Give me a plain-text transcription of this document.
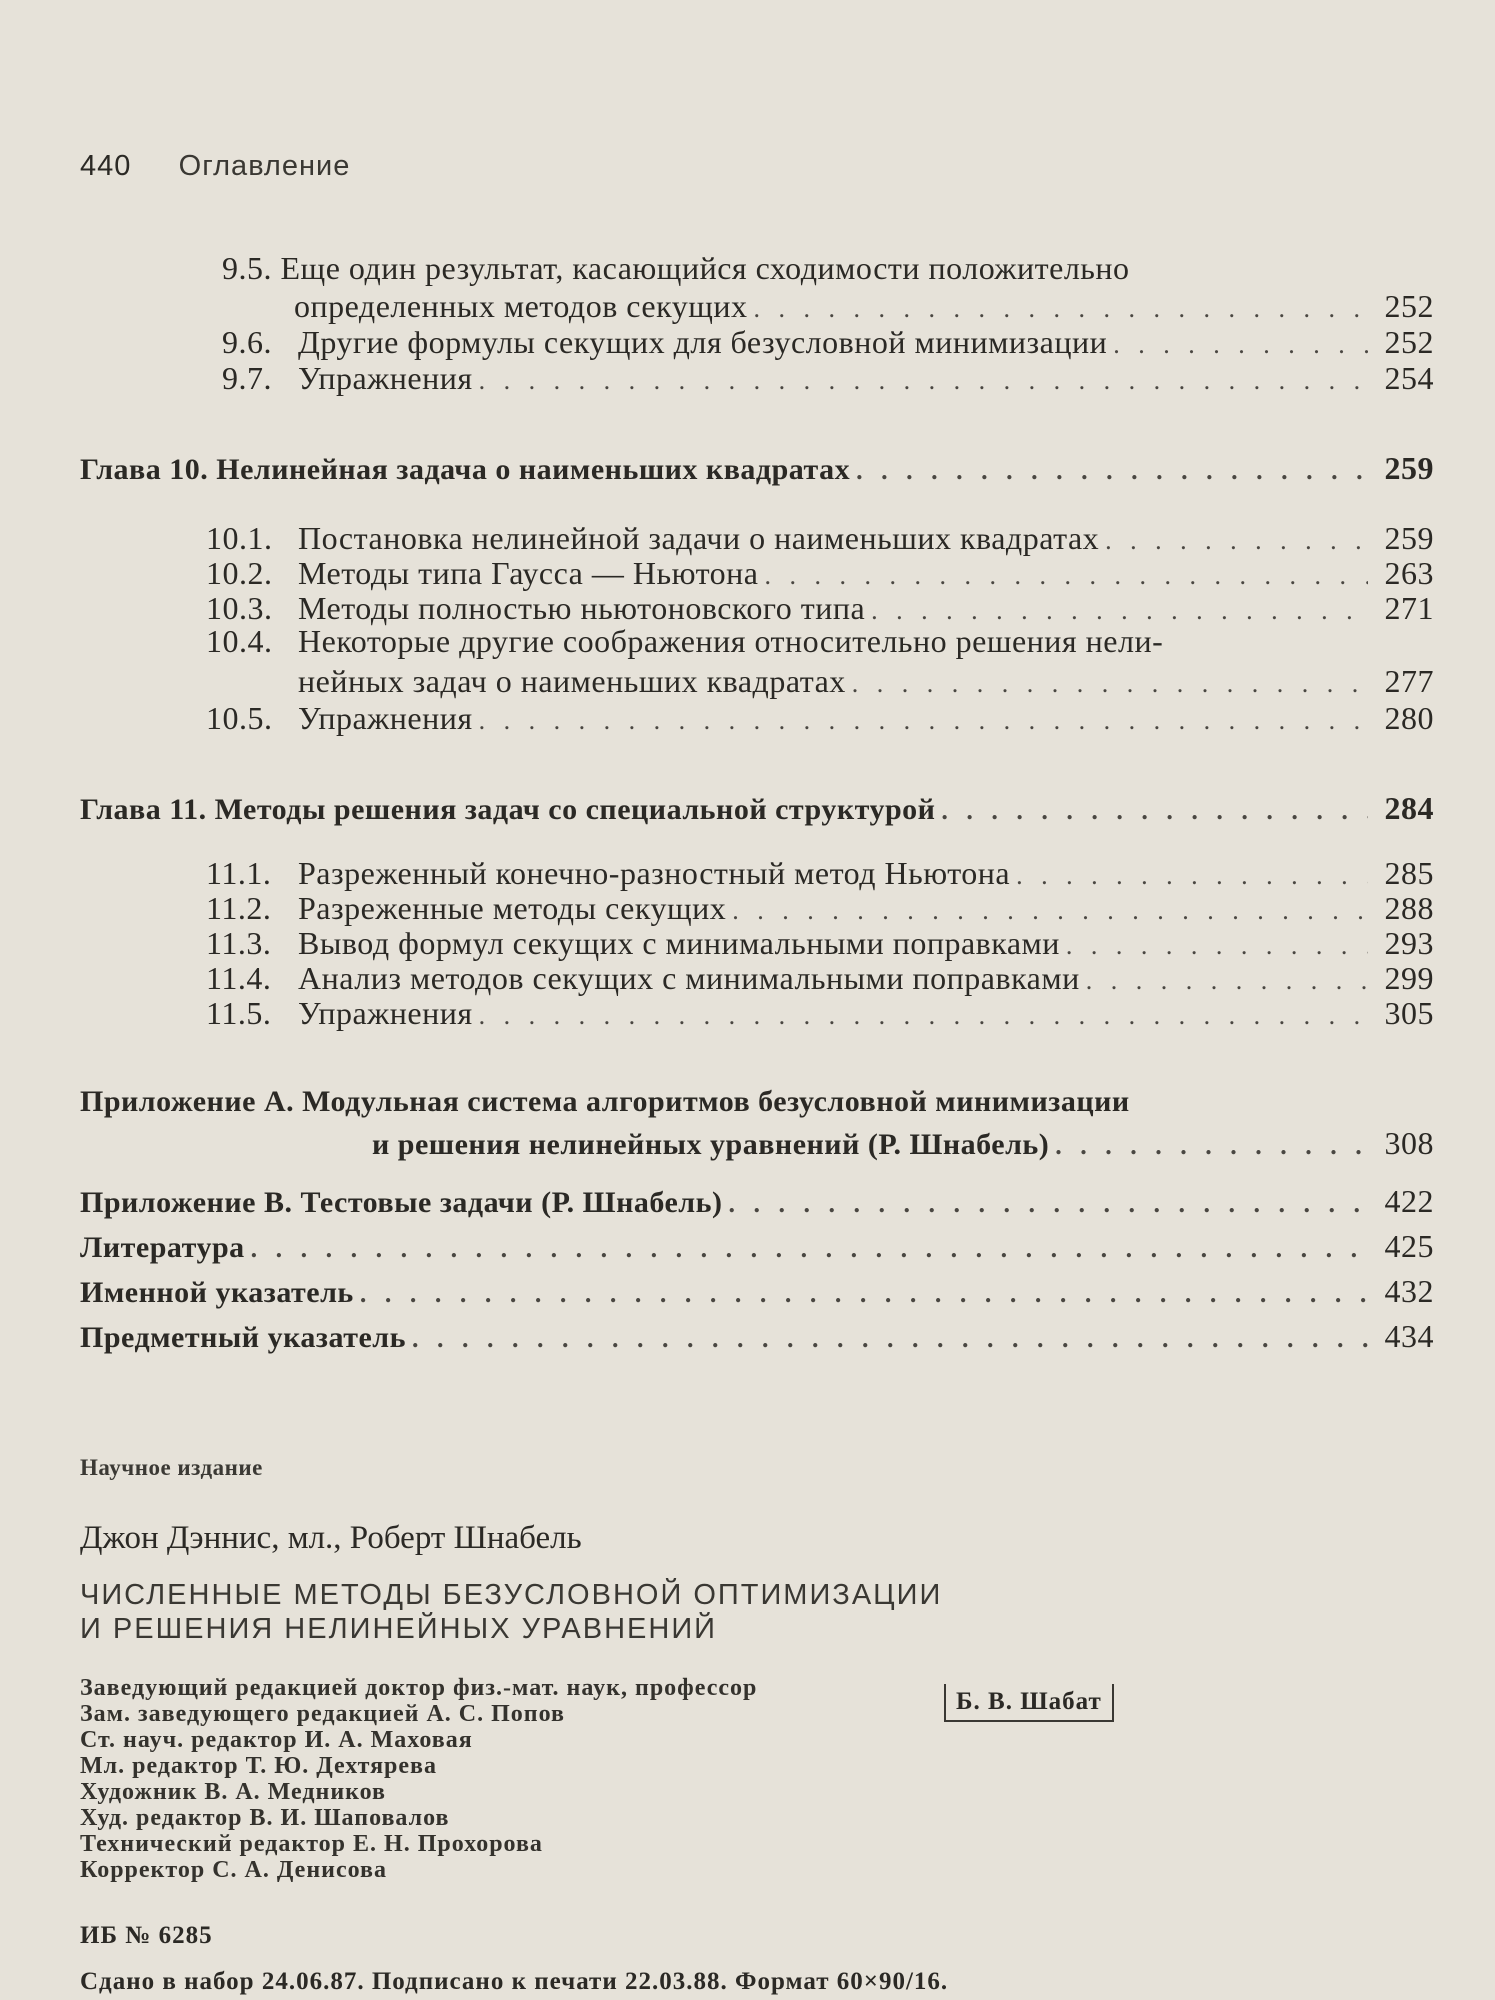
440 Оглавление
9.5. Еще один результат, касающийся сходимости положительно
определенных методов секущих . . .	252
9.6. Другие формулы секущих для безусловной минимизации . . .	252
9.7. Упражнения . . .	254
Глава 10. Нелинейная задача о наименьших квадратах . . .	259
10.1. Постановка нелинейной задачи о наименьших квадратах . . .	259
10.2. Методы типа Гаусса — Ньютона . . .	263
10.3. Методы полностью ньютоновского типа . . .	271
10.4. Некоторые другие соображения относительно решения нели-
нейных задач о наименьших квадратах . . .	277
10.5. Упражнения . . .	280
Глава 11. Методы решения задач со специальной структурой . . .	284
11.1. Разреженный конечно-разностный метод Ньютона . . .	285
11.2. Разреженные методы секущих . . .	288
11.3. Вывод формул секущих с минимальными поправками . . .	293
11.4. Анализ методов секущих с минимальными поправками . . .	299
11.5. Упражнения . . .	305
Приложение А. Модульная система алгоритмов безусловной минимизации
и решения нелинейных уравнений (Р. Шнабель) . . .	308
Приложение В. Тестовые задачи (Р. Шнабель) . . .	422
Литература . . .	425
Именной указатель . . .	432
Предметный указатель . . .	434
Научное издание
Джон Дэннис, мл., Роберт Шнабель
ЧИСЛЕННЫЕ МЕТОДЫ БЕЗУСЛОВНОЙ ОПТИМИЗАЦИИ
И РЕШЕНИЯ НЕЛИНЕЙНЫХ УРАВНЕНИЙ
Заведующий редакцией доктор физ.-мат. наук, профессор
Зам. заведующего редакцией А. С. Попов
Ст. науч. редактор И. А. Маховая
Мл. редактор Т. Ю. Дехтярева
Художник В. А. Медников
Худ. редактор В. И. Шаповалов
Технический редактор Е. Н. Прохорова
Корректор С. А. Денисова
Б. В. Шабат
ИБ № 6285
Сдано в набор 24.06.87. Подписано к печати 22.03.88. Формат 60×90/16.
